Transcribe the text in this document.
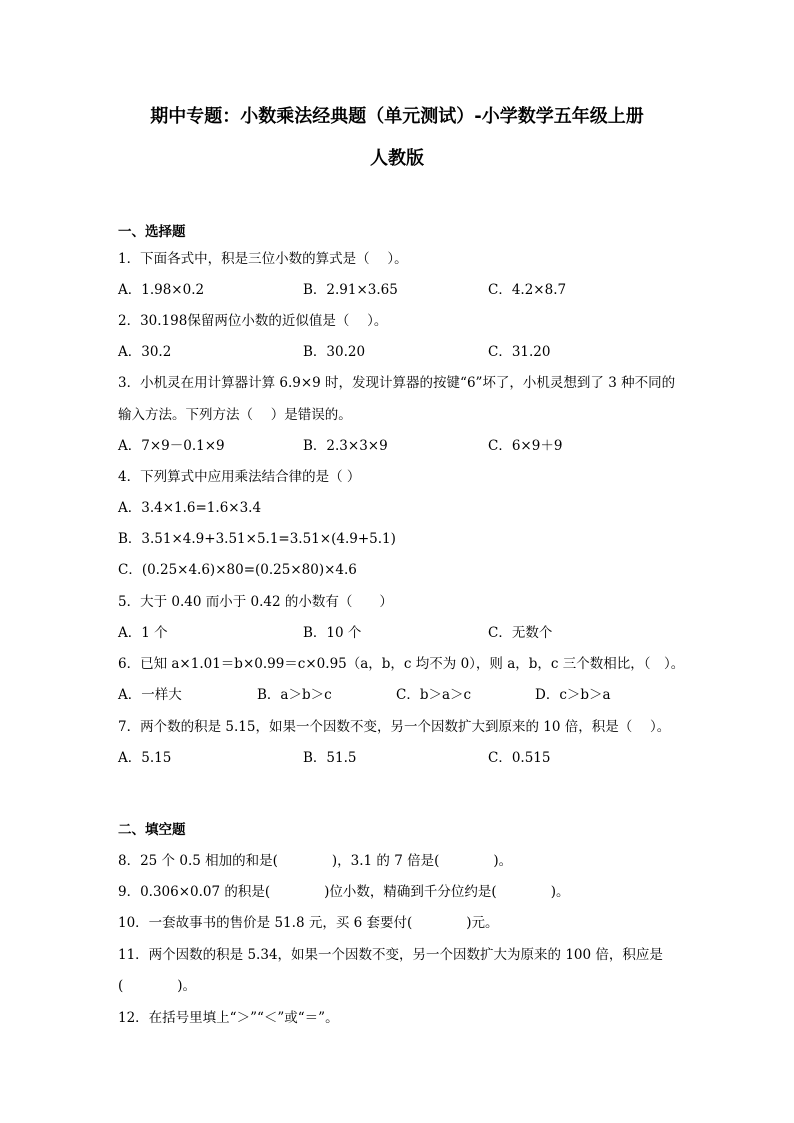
期中专题：小数乘法经典题（单元测试）-小学数学五年级上册
人教版
一、选择题
1．下面各式中，积是三位小数的算式是（　 ）。
A．1.98×0.2	B．2.91×3.65	C．4.2×8.7
2．30.198保留两位小数的近似值是（　 ）。
A．30.2	B．30.20	C．31.20
3．小机灵在用计算器计算 6.9×9 时，发现计算器的按键“6”坏了，小机灵想到了 3 种不同的
输入方法。下列方法（　 ）是错误的。
A．7×9－0.1×9	B．2.3×3×9	C．6×9＋9
4．下列算式中应用乘法结合律的是（ ）
A．3.4×1.6=1.6×3.4
B．3.51×4.9+3.51×5.1=3.51×(4.9+5.1)
C．(0.25×4.6)×80=(0.25×80)×4.6
5．大于 0.40 而小于 0.42 的小数有（　　）
A．1 个	B．10 个	C．无数个
6．已知 a×1.01＝b×0.99＝c×0.95（a，b，c 均不为 0），则 a，b，c 三个数相比，（　）。
A．一样大	B．a＞b＞c	C．b＞a＞c	D．c＞b＞a
7．两个数的积是 5.15，如果一个因数不变，另一个因数扩大到原来的 10 倍，积是（　 ）。
A．5.15	B．51.5	C．0.515
二、填空题
8．25 个 0.5 相加的和是(　　　　)，3.1 的 7 倍是(　　　　)。
9．0.306×0.07 的积是(　　　　)位小数，精确到千分位约是(　　　　)。
10．一套故事书的售价是 51.8 元，买 6 套要付(　　　　)元。
11．两个因数的积是 5.34，如果一个因数不变，另一个因数扩大为原来的 100 倍，积应是
(　　　　)。
12．在括号里填上“＞”“＜”或“＝”。
